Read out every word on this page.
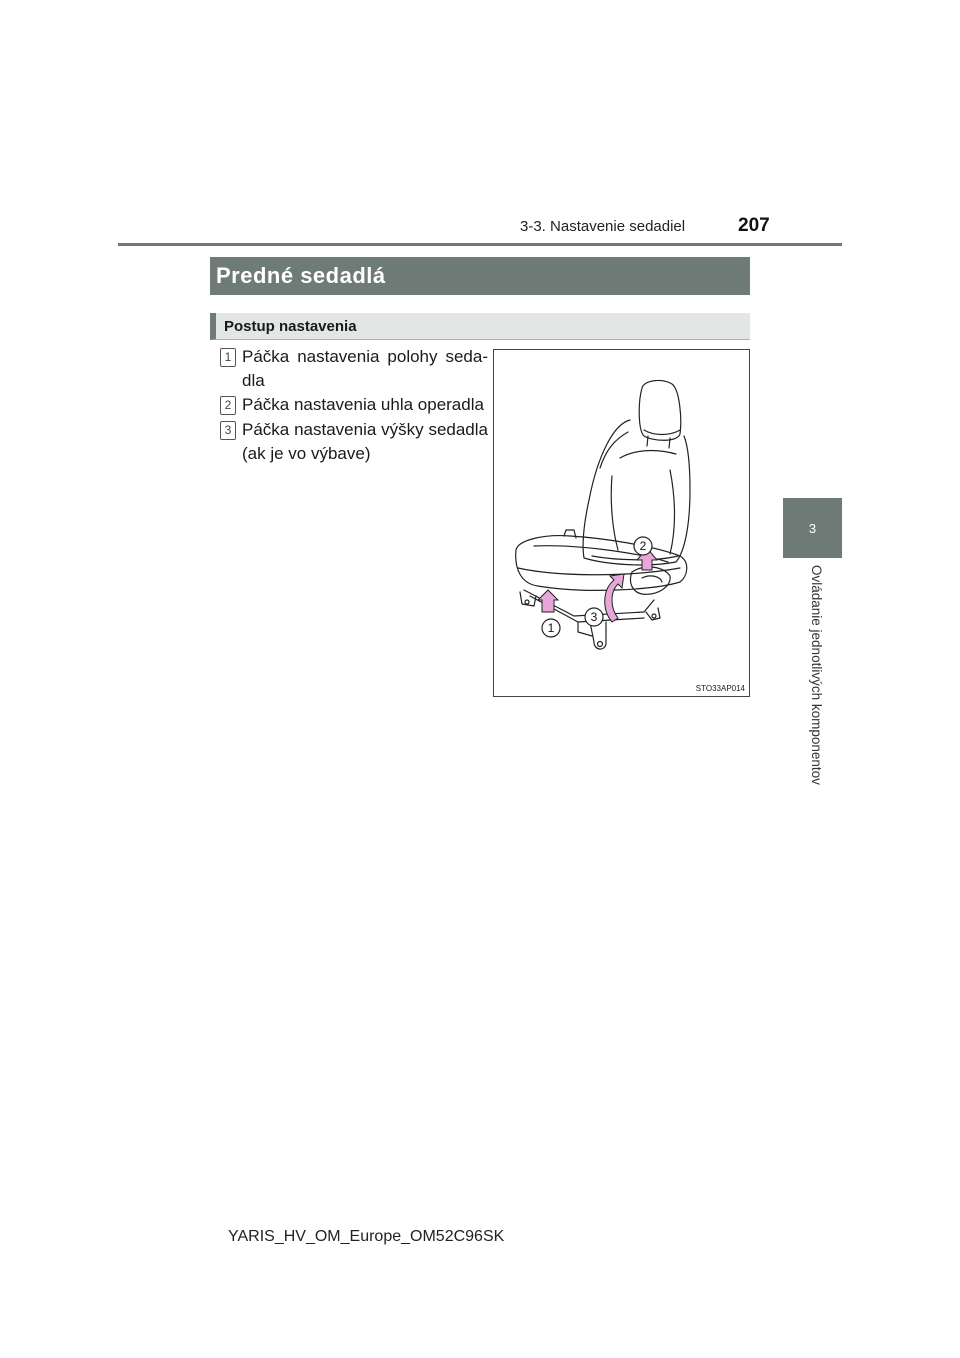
3-3. Nastavenie sedadiel	207
3
Ovládanie jednotlivých komponentov
Predné sedadlá
Postup nastavenia
1 Páčka nastavenia polohy seda-dla
2 Páčka nastavenia uhla operadla
3 Páčka nastavenia výšky sedadla (ak je vo výbave)
1
2
3
STO33AP014
YARIS_HV_OM_Europe_OM52C96SK
